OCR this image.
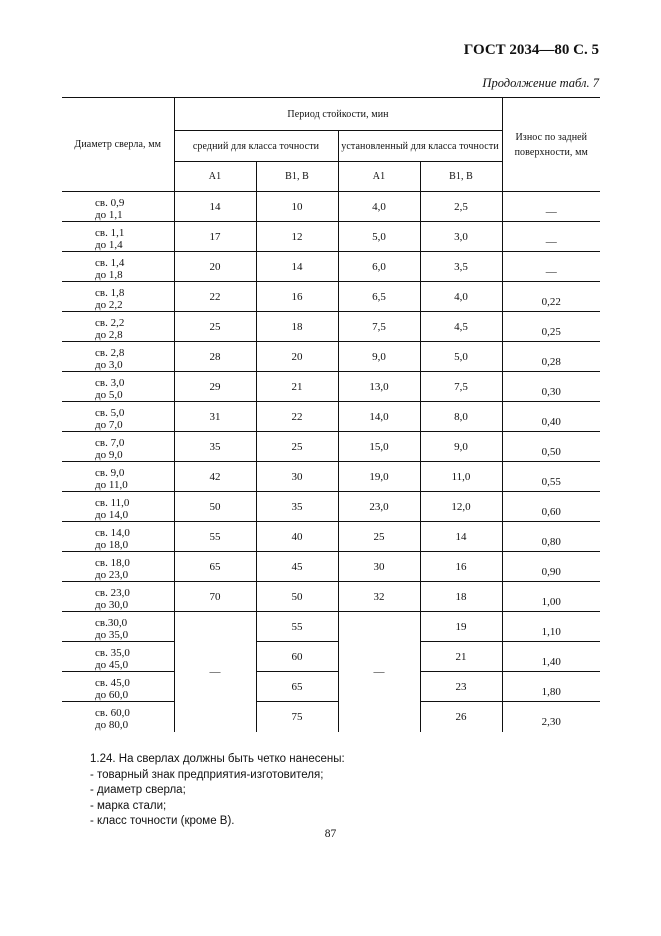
ГОСТ 2034—80 С. 5
Продолжение табл. 7
Диаметр сверла, мм	Период стойкости, мин				Износ по задней поверхности, мм
	средний для класса точности		установленный для класса точности		
	А1	В1, В	А1	В1, В	

св. 0,9
до 1,1	14	10	4,0	2,5	—

св. 1,1
до 1,4	17	12	5,0	3,0	—

св. 1,4
до 1,8	20	14	6,0	3,5	—

св. 1,8
до 2,2	22	16	6,5	4,0	0,22

св. 2,2
до 2,8	25	18	7,5	4,5	0,25

св. 2,8
до 3,0	28	20	9,0	5,0	0,28

св. 3,0
до 5,0	29	21	13,0	7,5	0,30

св. 5,0
до 7,0	31	22	14,0	8,0	0,40

св. 7,0
до 9,0	35	25	15,0	9,0	0,50

св. 9,0
до 11,0	42	30	19,0	11,0	0,55

св. 11,0
до 14,0	50	35	23,0	12,0	0,60

св. 14,0
до 18,0	55	40	25	14	0,80

св. 18,0
до 23,0	65	45	30	16	0,90

св. 23,0
до 30,0	70	50	32	18	1,00

св.30,0
до 35,0	—	55	—	19	1,10

св. 35,0
до 45,0		60		21	1,40

св. 45,0
до 60,0		65		23	1,80

св. 60,0
до 80,0		75		26	2,30
1.24. На сверлах должны быть четко нанесены:
- товарный знак предприятия-изготовителя;
- диаметр сверла;
- марка стали;
- класс точности (кроме В).
87
